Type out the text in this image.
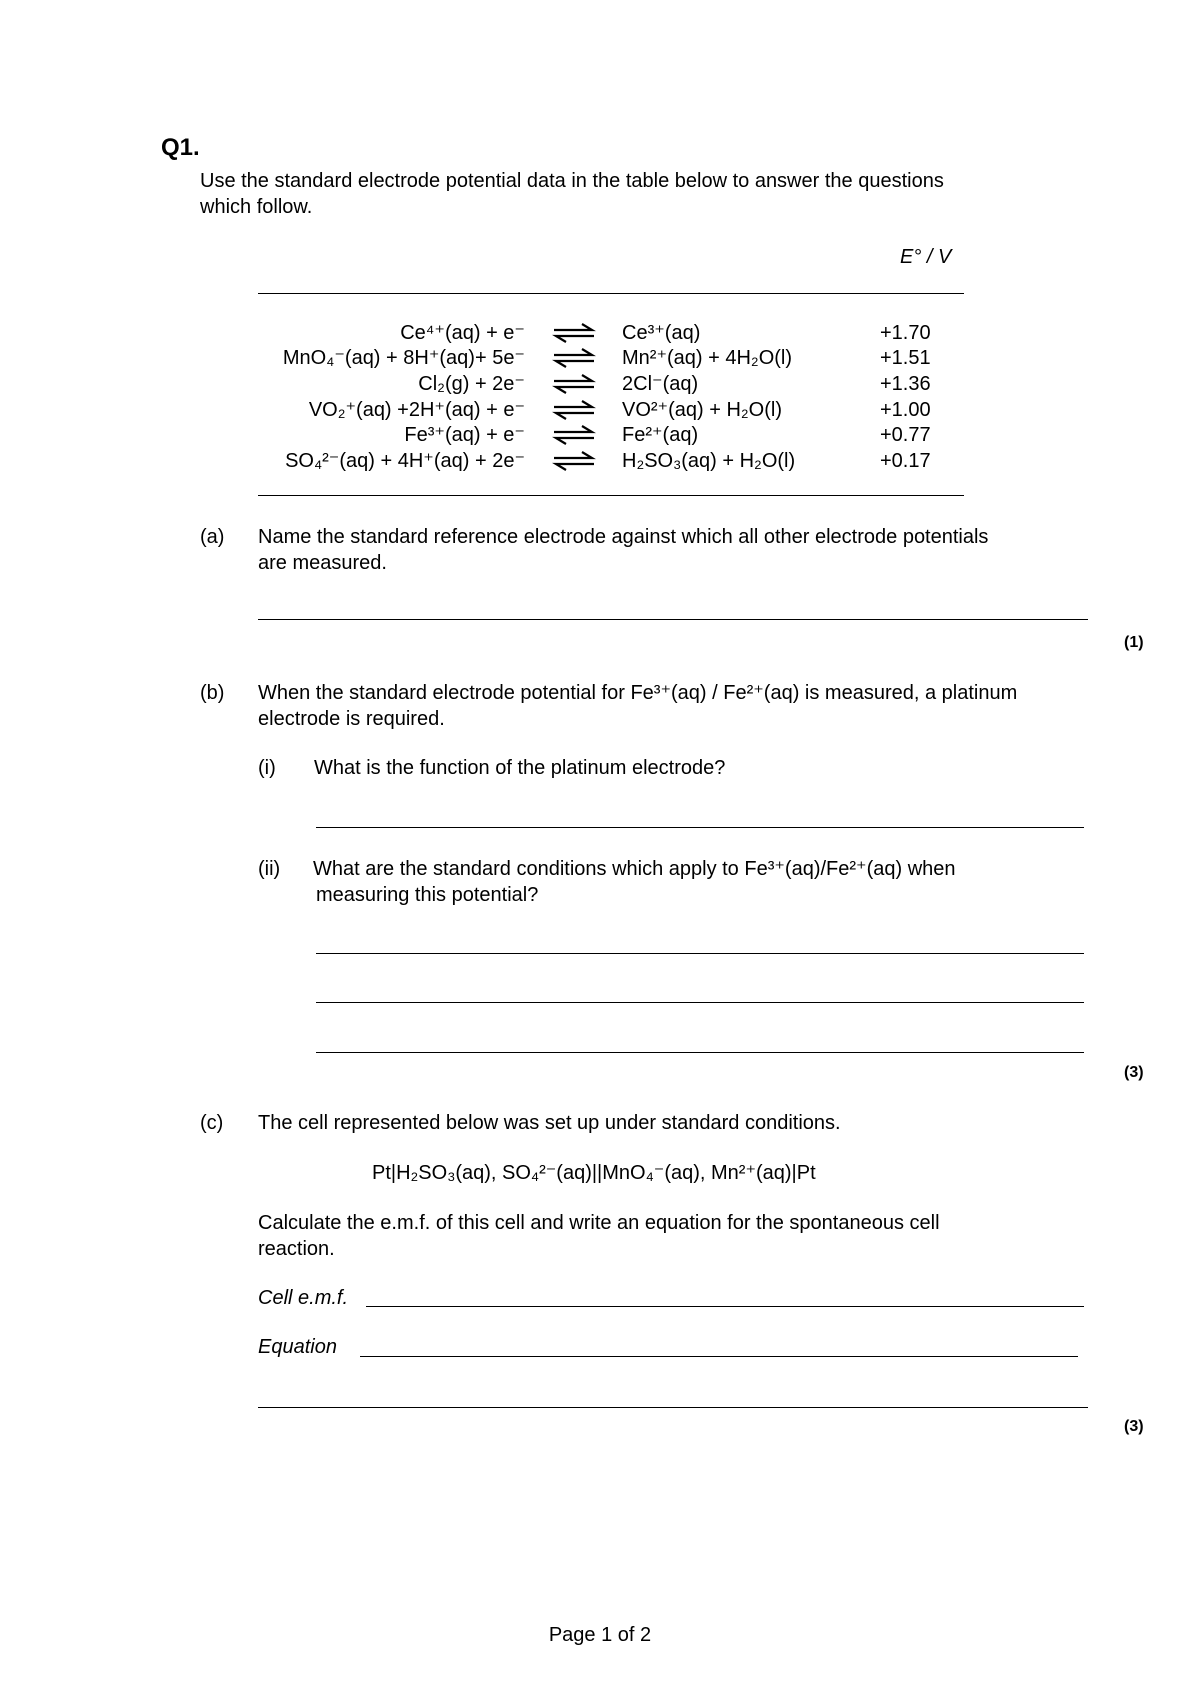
Q1.
Use the standard electrode potential data in the table below to answer the questions
which follow.
E° / V
Ce⁴⁺(aq) + e⁻
MnO₄⁻(aq) + 8H⁺(aq)+ 5e⁻
Cl₂(g) + 2e⁻
VO₂⁺(aq) +2H⁺(aq) + e⁻
Fe³⁺(aq) + e⁻
SO₄²⁻(aq) + 4H⁺(aq) + 2e⁻
Ce³⁺(aq)
Mn²⁺(aq) + 4H₂O(l)
2Cl⁻(aq)
VO²⁺(aq) + H₂O(l)
Fe²⁺(aq)
H₂SO₃(aq) + H₂O(l)
+1.70
+1.51
+1.36
+1.00
+0.77
+0.17
(a) Name the standard reference electrode against which all other electrode potentials
are measured.
(1)
(b) When the standard electrode potential for Fe³⁺(aq) / Fe²⁺(aq) is measured, a platinum
electrode is required.
(i) What is the function of the platinum electrode?
(ii) What are the standard conditions which apply to Fe³⁺(aq)/Fe²⁺(aq) when
measuring this potential?
(3)
(c) The cell represented below was set up under standard conditions.
Pt|H₂SO₃(aq), SO₄²⁻(aq)||MnO₄⁻(aq), Mn²⁺(aq)|Pt
Calculate the e.m.f. of this cell and write an equation for the spontaneous cell
reaction.
Cell e.m.f.
Equation
(3)
Page 1 of 2
